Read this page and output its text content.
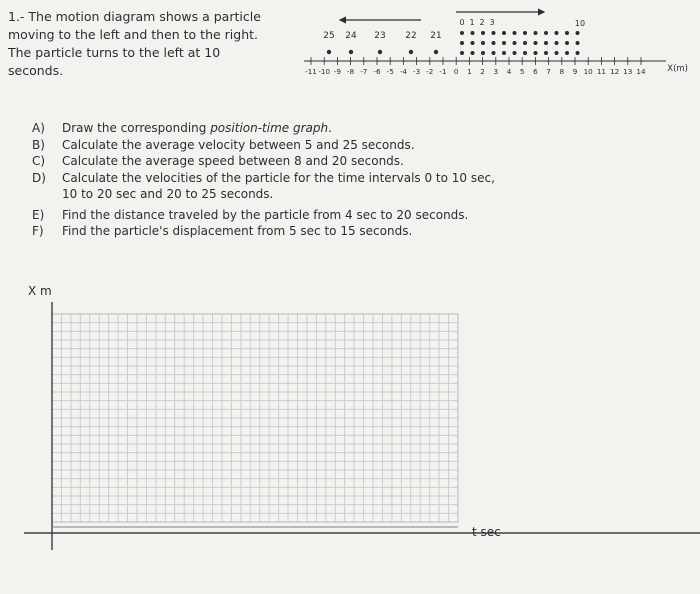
1.- The motion diagram shows a particle
moving to the left and then to the right.
The particle turns to the left at 10
seconds.
25 24 23 22 21
0 1 2 3	10
-11 -10 -9 -8 -7 -6 -5 -4 -3 -2 -1 0 1 2 3 4 5 6 7 8 9 10 11 12 13 14	X(m)
A) Draw the corresponding position-time graph.
B) Calculate the average velocity between 5 and 25 seconds.
C) Calculate the average speed between 8 and 20 seconds.
D) Calculate the velocities of the particle for the time intervals 0 to 10 sec,
10 to 20 sec and 20 to 25 seconds.
E) Find the distance traveled by the particle from 4 sec to 20 seconds.
F) Find the particle's displacement from 5 sec to 15 seconds.
X m
t sec
